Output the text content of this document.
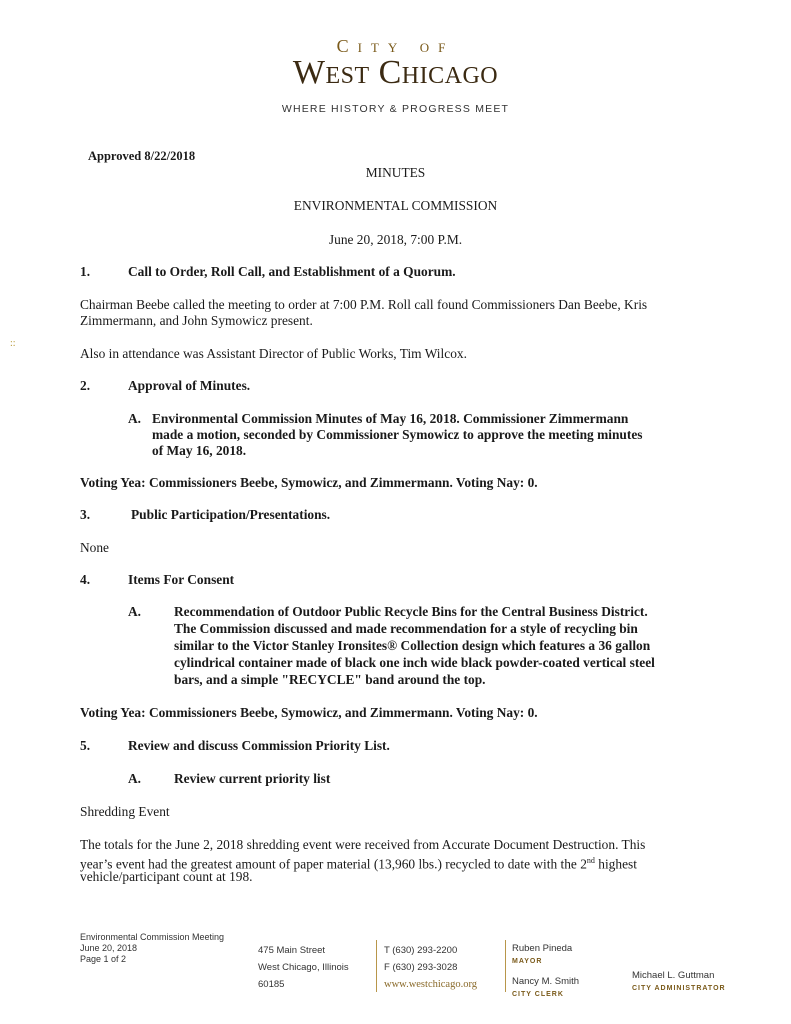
City of
West Chicago
WHERE HISTORY & PROGRESS MEET
::
Approved 8/22/2018
MINUTES
ENVIRONMENTAL COMMISSION
June 20, 2018, 7:00 P.M.
1.	Call to Order, Roll Call, and Establishment of a Quorum.
Chairman Beebe called the meeting to order at 7:00 P.M. Roll call found Commissioners Dan Beebe, Kris
Zimmermann, and John Symowicz present.
Also in attendance was Assistant Director of Public Works, Tim Wilcox.
2.	Approval of Minutes.
A. Environmental Commission Minutes of May 16, 2018. Commissioner Zimmermann
made a motion, seconded by Commissioner Symowicz to approve the meeting minutes
of May 16, 2018.
Voting Yea: Commissioners Beebe, Symowicz, and Zimmermann. Voting Nay: 0.
3.	Public Participation/Presentations.
None
4.	Items For Consent
A. Recommendation of Outdoor Public Recycle Bins for the Central Business District.
The Commission discussed and made recommendation for a style of recycling bin
similar to the Victor Stanley Ironsites® Collection design which features a 36 gallon
cylindrical container made of black one inch wide black powder-coated vertical steel
bars, and a simple "RECYCLE" band around the top.
Voting Yea: Commissioners Beebe, Symowicz, and Zimmermann. Voting Nay: 0.
5.	Review and discuss Commission Priority List.
A. Review current priority list
Shredding Event
The totals for the June 2, 2018 shredding event were received from Accurate Document Destruction. This
year’s event had the greatest amount of paper material (13,960 lbs.) recycled to date with the 2nd highest
vehicle/participant count at 198.
Environmental Commission Meeting
June 20, 2018
Page 1 of 2
475 Main Street
West Chicago, Illinois
60185
T (630) 293-2200
F (630) 293-3028
www.westchicago.org
Ruben Pineda
MAYOR
Nancy M. Smith
CITY CLERK
Michael L. Guttman
CITY ADMINISTRATOR
